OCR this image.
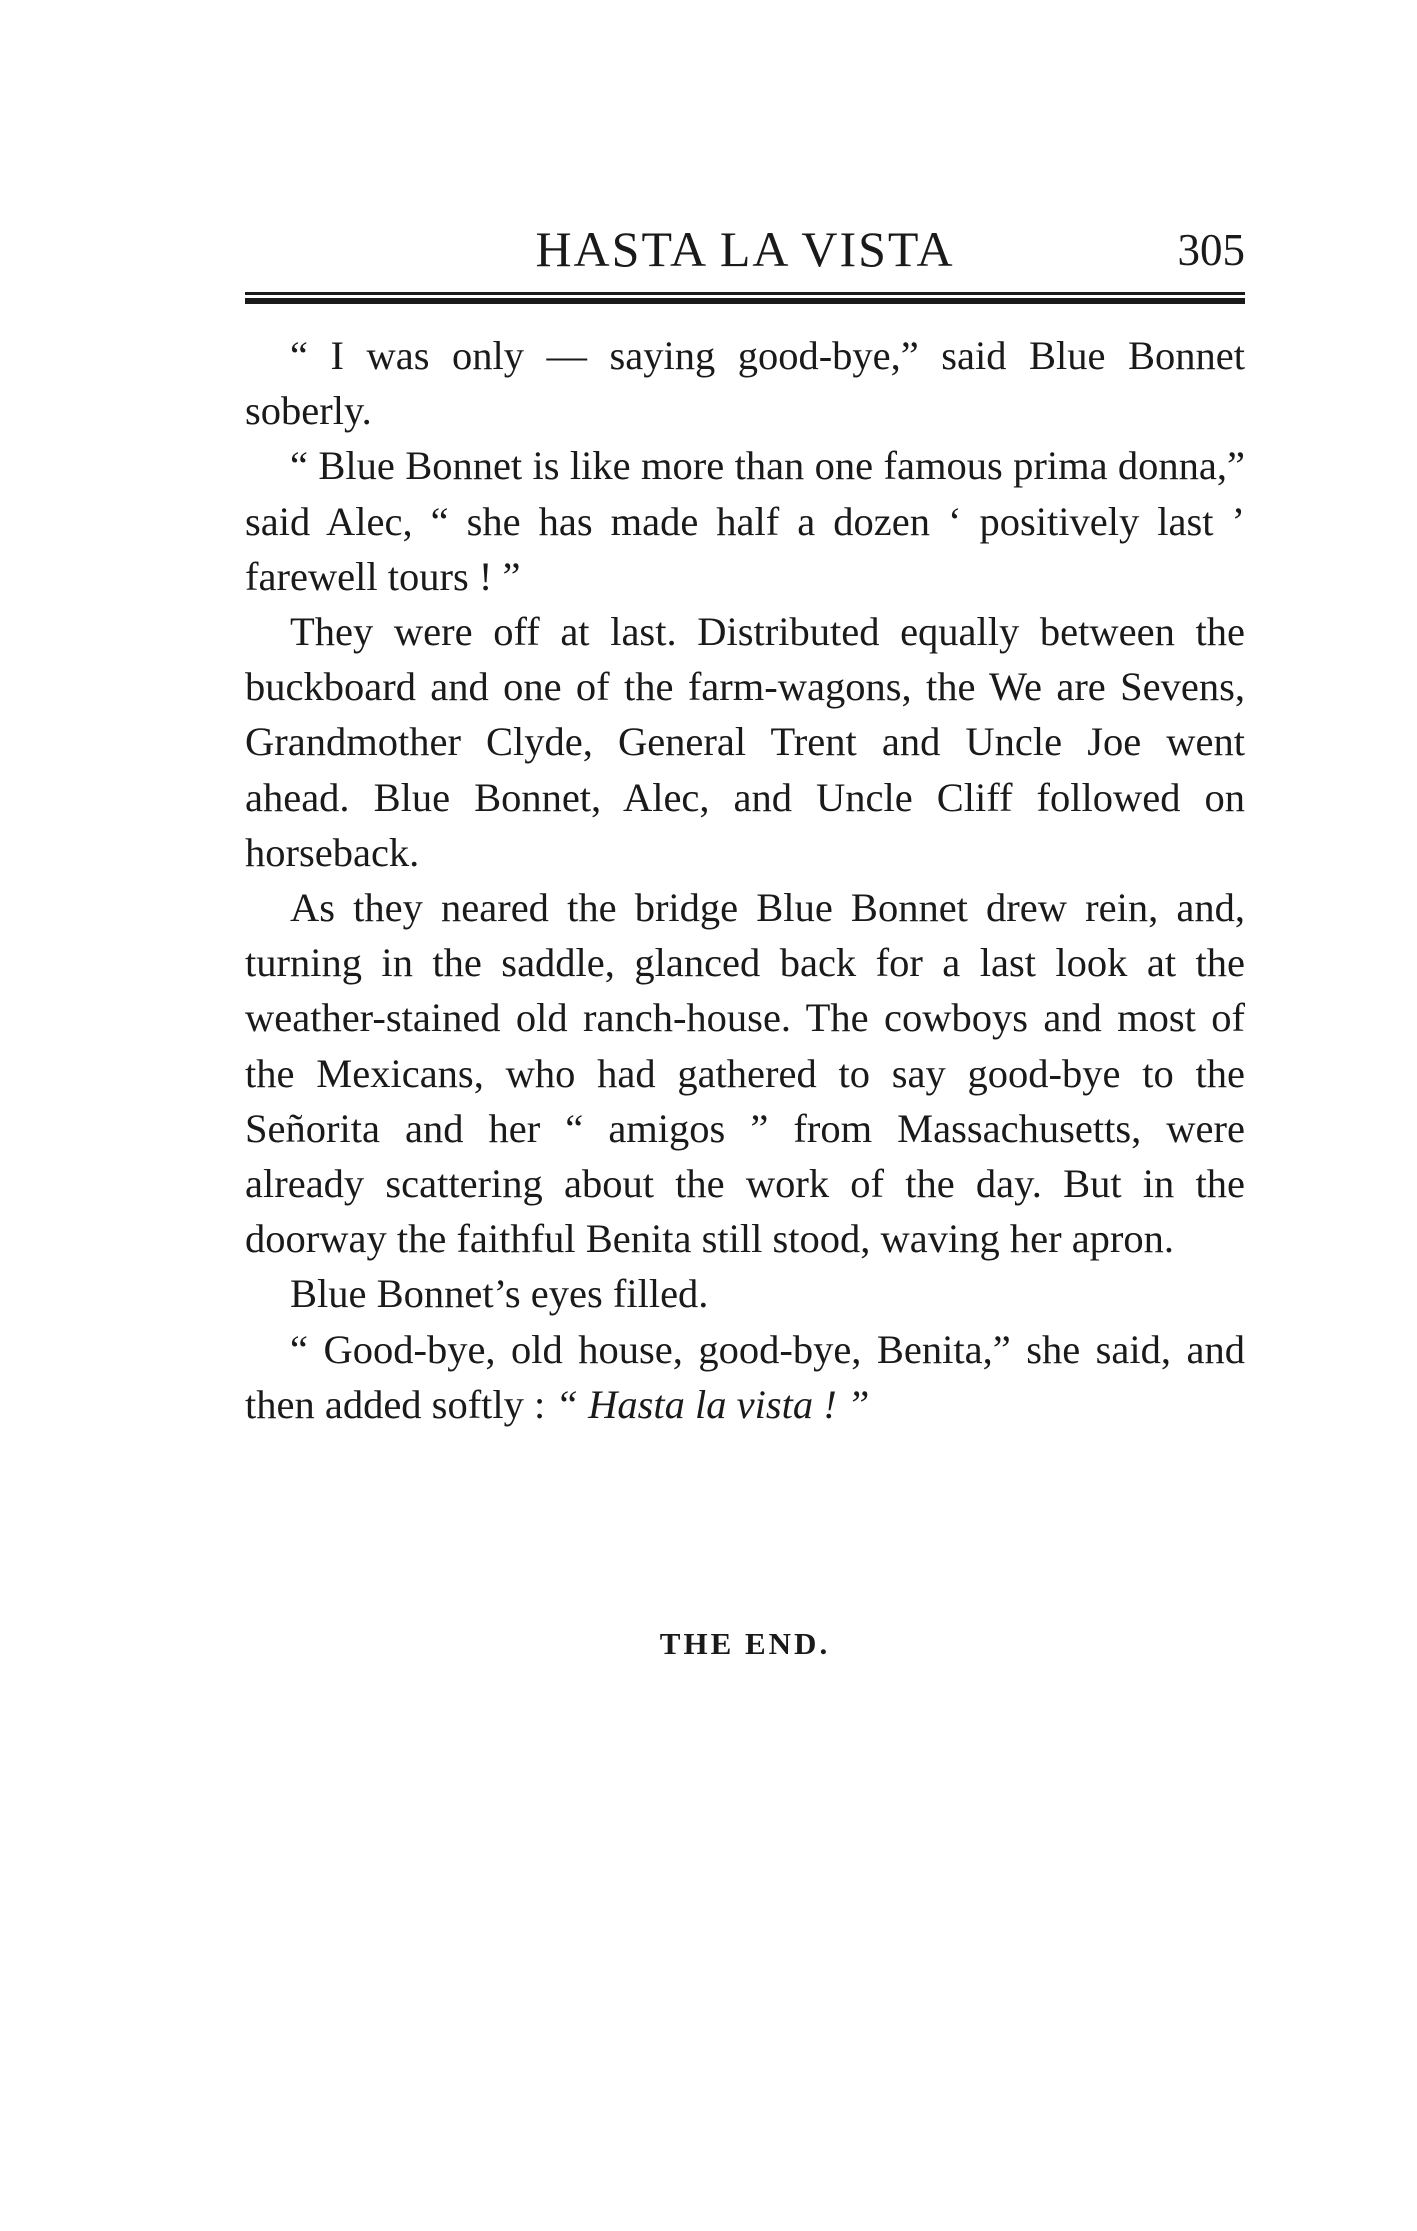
HASTA LA VISTA	305

“ I was only — saying good-bye,” said Blue Bonnet soberly.

“ Blue Bonnet is like more than one famous prima donna,” said Alec, “ she has made half a dozen ‘ positively last ’ farewell tours ! ”

They were off at last. Distributed equally between the buckboard and one of the farm-wagons, the We are Sevens, Grandmother Clyde, General Trent and Uncle Joe went ahead. Blue Bonnet, Alec, and Uncle Cliff followed on horseback.

As they neared the bridge Blue Bonnet drew rein, and, turning in the saddle, glanced back for a last look at the weather-stained old ranch-house. The cowboys and most of the Mexicans, who had gathered to say good-bye to the Señorita and her “ amigos ” from Massachusetts, were already scattering about the work of the day. But in the doorway the faithful Benita still stood, waving her apron.

Blue Bonnet’s eyes filled.

“ Good-bye, old house, good-bye, Benita,” she said, and then added softly : “ Hasta la vista ! ”

THE END.
